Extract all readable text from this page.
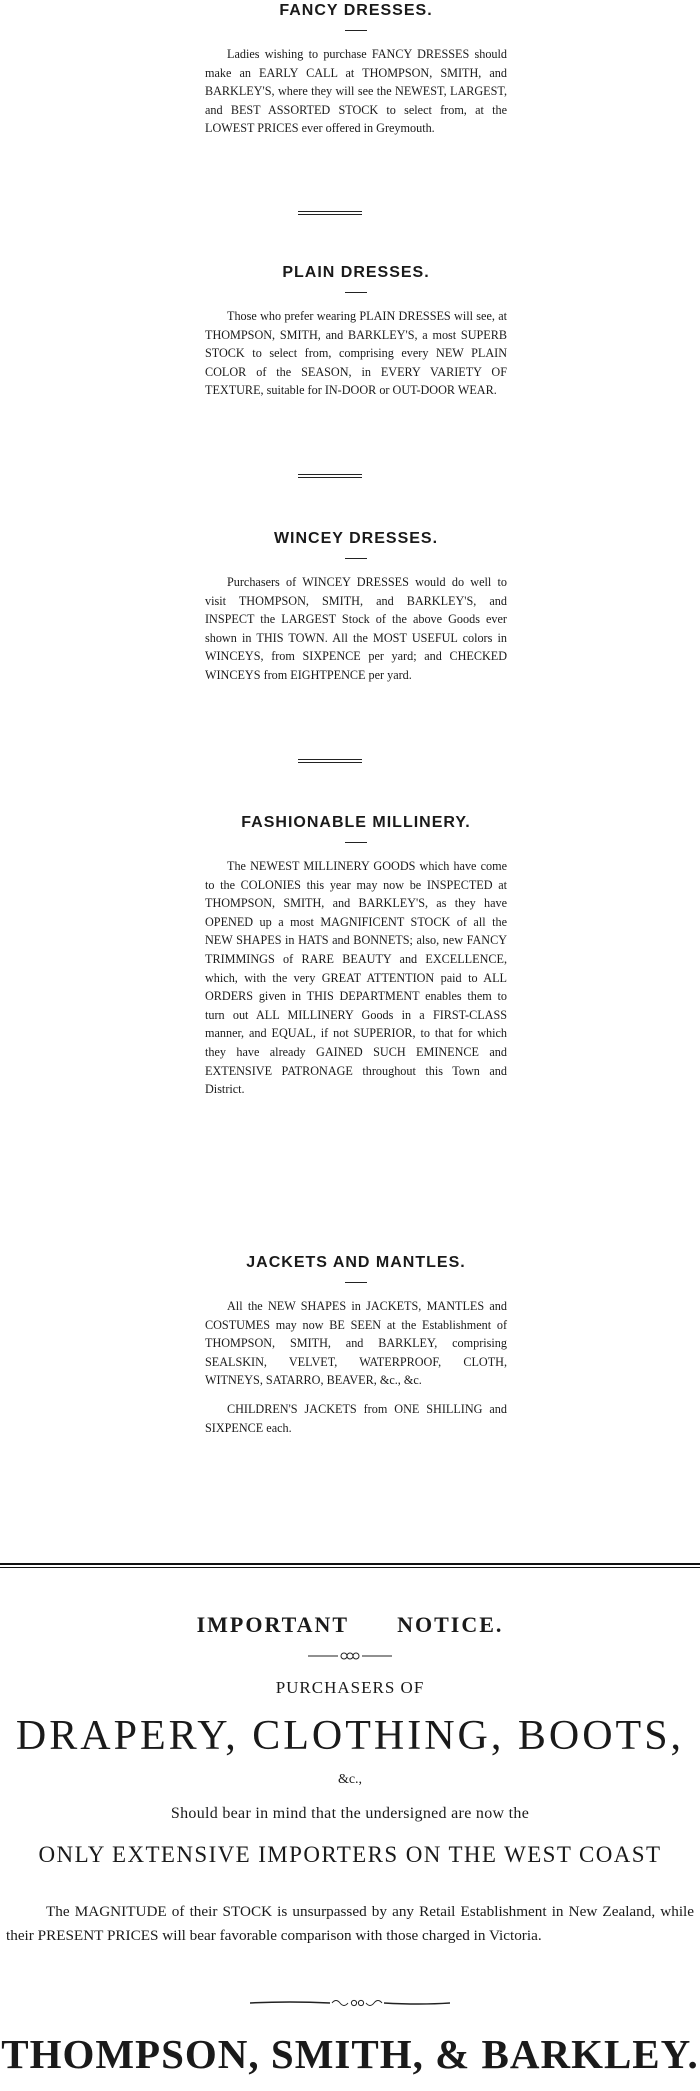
FANCY DRESSES.

Ladies wishing to purchase FANCY DRESSES should make an EARLY CALL at THOMPSON, SMITH, and BARKLEY'S, where they will see the NEWEST, LARGEST, and BEST ASSORTED STOCK to select from, at the LOWEST PRICES ever offered in Greymouth.

PLAIN DRESSES.

Those who prefer wearing PLAIN DRESSES will see, at THOMPSON, SMITH, and BARKLEY'S, a most SUPERB STOCK to select from, comprising every NEW PLAIN COLOR of the SEASON, in EVERY VARIETY OF TEXTURE, suitable for IN-DOOR or OUT-DOOR WEAR.

WINCEY DRESSES.

Purchasers of WINCEY DRESSES would do well to visit THOMPSON, SMITH, and BARKLEY'S, and INSPECT the LARGEST Stock of the above Goods ever shown in THIS TOWN. All the MOST USEFUL colors in WINCEYS, from SIXPENCE per yard; and CHECKED WINCEYS from EIGHTPENCE per yard.

FASHIONABLE MILLINERY.

The NEWEST MILLINERY GOODS which have come to the COLONIES this year may now be INSPECTED at THOMPSON, SMITH, and BARKLEY'S, as they have OPENED up a most MAGNIFICENT STOCK of all the NEW SHAPES in HATS and BONNETS; also, new FANCY TRIMMINGS of RARE BEAUTY and EXCELLENCE, which, with the very GREAT ATTENTION paid to ALL ORDERS given in THIS DEPARTMENT enables them to turn out ALL MILLINERY Goods in a FIRST-CLASS manner, and EQUAL, if not SUPERIOR, to that for which they have already GAINED SUCH EMINENCE and EXTENSIVE PATRONAGE throughout this Town and District.

JACKETS AND MANTLES.

All the NEW SHAPES in JACKETS, MANTLES and COSTUMES may now BE SEEN at the Establishment of THOMPSON, SMITH, and BARKLEY, comprising SEALSKIN, VELVET, WATERPROOF, CLOTH, WITNEYS, SATARRO, BEAVER, &c., &c.

CHILDREN'S JACKETS from ONE SHILLING and SIXPENCE each.

IMPORTANT NOTICE.
PURCHASERS OF
DRAPERY, CLOTHING, BOOTS,
&c.,
Should bear in mind that the undersigned are now the
ONLY EXTENSIVE IMPORTERS ON THE WEST COAST

The MAGNITUDE of their STOCK is unsurpassed by any Retail Establishment in New Zealand, while their PRESENT PRICES will bear favorable comparison with those charged in Victoria.

THOMPSON, SMITH, & BARKLEY.
